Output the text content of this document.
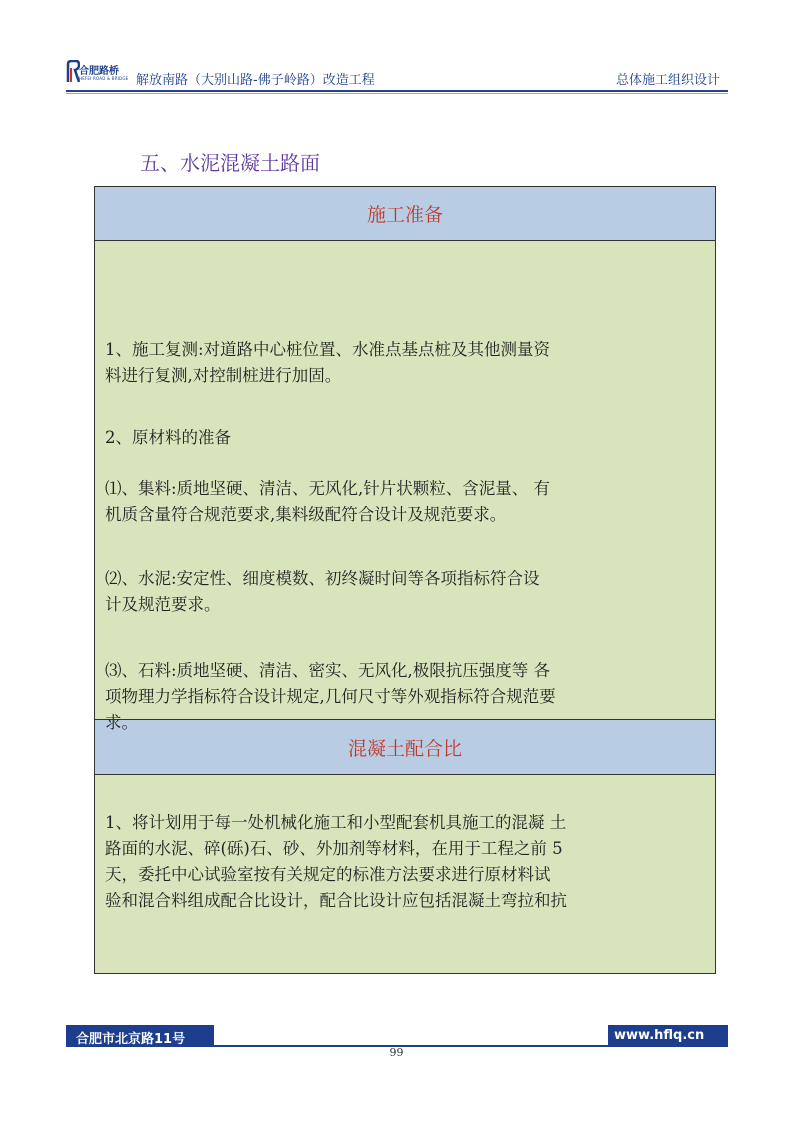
合肥路桥
HEFEI ROAD & BRIDGE 解放南路（大别山路-佛子岭路）改造工程	总体施工组织设计
五、水泥混凝土路面
施工准备
1、施工复测:对道路中心桩位置、水准点基点桩及其他测量资
料进行复测,对控制桩进行加固。
2、原材料的准备
⑴、集料:质地坚硬、清洁、无风化,针片状颗粒、含泥量、 有
机质含量符合规范要求,集料级配符合设计及规范要求。
⑵、水泥:安定性、细度模数、初终凝时间等各项指标符合设
计及规范要求。
⑶、石料:质地坚硬、清洁、密实、无风化,极限抗压强度等 各
项物理力学指标符合设计规定,几何尺寸等外观指标符合规范要
求。
混凝土配合比
1、将计划用于每一处机械化施工和小型配套机具施工的混凝 土
路面的水泥、碎(砾)石、砂、外加剂等材料，在用于工程之前 5
天，委托中心试验室按有关规定的标准方法要求进行原材料试
验和混合料组成配合比设计，配合比设计应包括混凝土弯拉和抗
合肥市北京路11号	www.hflq.cn
99
